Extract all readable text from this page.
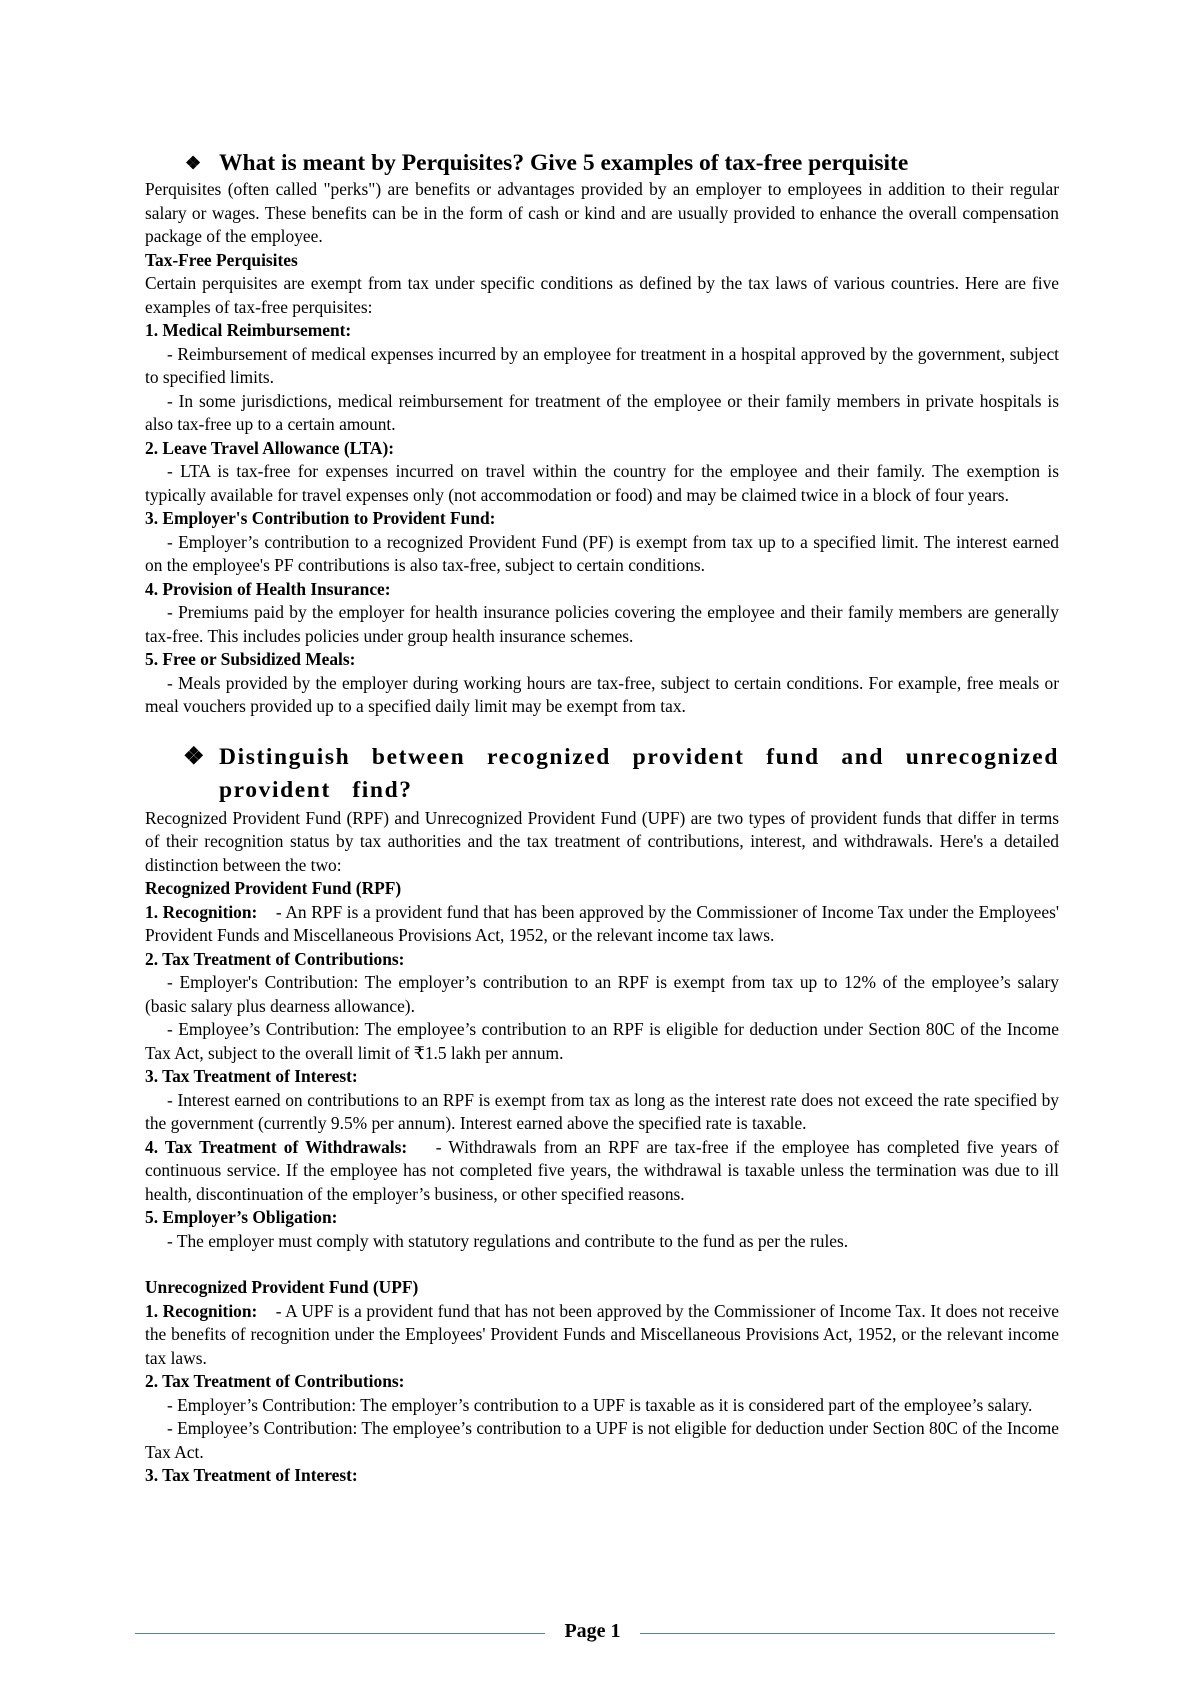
❖ What is meant by Perquisites? Give 5 examples of tax-free perquisite

Perquisites (often called "perks") are benefits or advantages provided by an employer to employees in addition to their regular salary or wages. These benefits can be in the form of cash or kind and are usually provided to enhance the overall compensation package of the employee.

Tax-Free Perquisites

Certain perquisites are exempt from tax under specific conditions as defined by the tax laws of various countries. Here are five examples of tax-free perquisites:

1. Medical Reimbursement:

- Reimbursement of medical expenses incurred by an employee for treatment in a hospital approved by the government, subject to specified limits.

- In some jurisdictions, medical reimbursement for treatment of the employee or their family members in private hospitals is also tax-free up to a certain amount.

2. Leave Travel Allowance (LTA):

- LTA is tax-free for expenses incurred on travel within the country for the employee and their family. The exemption is typically available for travel expenses only (not accommodation or food) and may be claimed twice in a block of four years.

3. Employer's Contribution to Provident Fund:

- Employer’s contribution to a recognized Provident Fund (PF) is exempt from tax up to a specified limit. The interest earned on the employee's PF contributions is also tax-free, subject to certain conditions.

4. Provision of Health Insurance:

- Premiums paid by the employer for health insurance policies covering the employee and their family members are generally tax-free. This includes policies under group health insurance schemes.

5. Free or Subsidized Meals:

- Meals provided by the employer during working hours are tax-free, subject to certain conditions. For example, free meals or meal vouchers provided up to a specified daily limit may be exempt from tax.

❖ Distinguish between recognized provident fund and unrecognized provident find?

Recognized Provident Fund (RPF) and Unrecognized Provident Fund (UPF) are two types of provident funds that differ in terms of their recognition status by tax authorities and the tax treatment of contributions, interest, and withdrawals. Here's a detailed distinction between the two:

Recognized Provident Fund (RPF)

1. Recognition: - An RPF is a provident fund that has been approved by the Commissioner of Income Tax under the Employees' Provident Funds and Miscellaneous Provisions Act, 1952, or the relevant income tax laws.

2. Tax Treatment of Contributions:

- Employer's Contribution: The employer’s contribution to an RPF is exempt from tax up to 12% of the employee’s salary (basic salary plus dearness allowance).

- Employee’s Contribution: The employee’s contribution to an RPF is eligible for deduction under Section 80C of the Income Tax Act, subject to the overall limit of ₹1.5 lakh per annum.

3. Tax Treatment of Interest:

- Interest earned on contributions to an RPF is exempt from tax as long as the interest rate does not exceed the rate specified by the government (currently 9.5% per annum). Interest earned above the specified rate is taxable.

4. Tax Treatment of Withdrawals: - Withdrawals from an RPF are tax-free if the employee has completed five years of continuous service. If the employee has not completed five years, the withdrawal is taxable unless the termination was due to ill health, discontinuation of the employer’s business, or other specified reasons.

5. Employer’s Obligation:

- The employer must comply with statutory regulations and contribute to the fund as per the rules.

Unrecognized Provident Fund (UPF)

1. Recognition: - A UPF is a provident fund that has not been approved by the Commissioner of Income Tax. It does not receive the benefits of recognition under the Employees' Provident Funds and Miscellaneous Provisions Act, 1952, or the relevant income tax laws.

2. Tax Treatment of Contributions:

- Employer’s Contribution: The employer’s contribution to a UPF is taxable as it is considered part of the employee’s salary.

- Employee’s Contribution: The employee’s contribution to a UPF is not eligible for deduction under Section 80C of the Income Tax Act.

3. Tax Treatment of Interest:

Page 1
